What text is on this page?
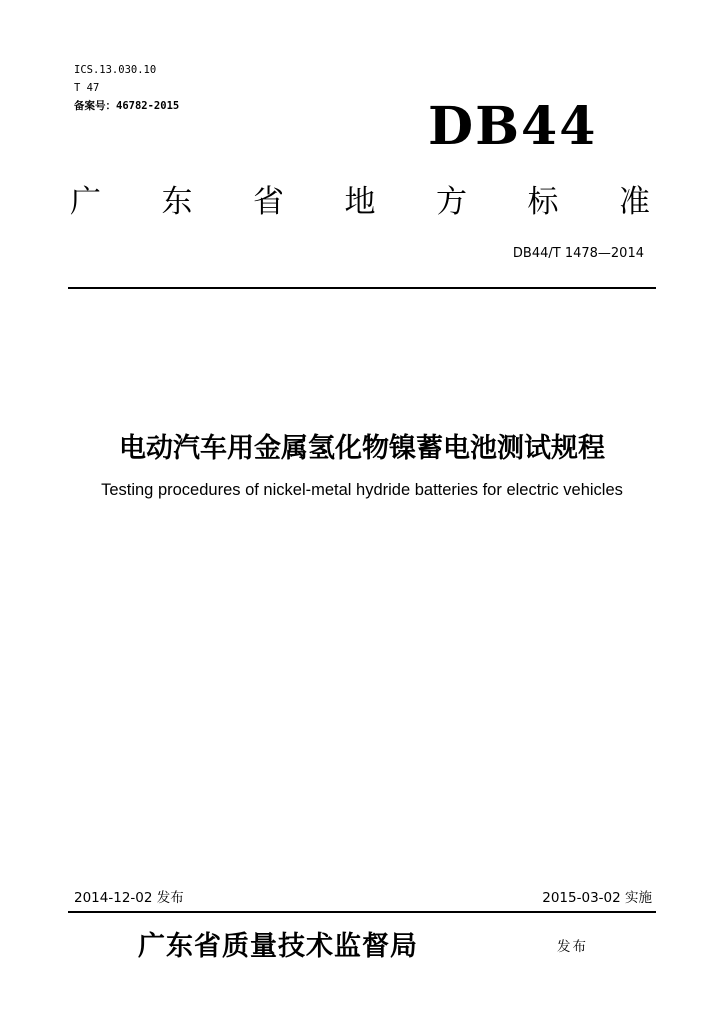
ICS.13.030.10
T 47
备案号：46782-2015	DB44
广 东 省 地 方 标 准
DB44/T 1478—2014
电动汽车用金属氢化物镍蓄电池测试规程
Testing procedures of nickel-metal hydride batteries for electric vehicles
2014-12-02 发布	2015-03-02 实施
广东省质量技术监督局	发布
